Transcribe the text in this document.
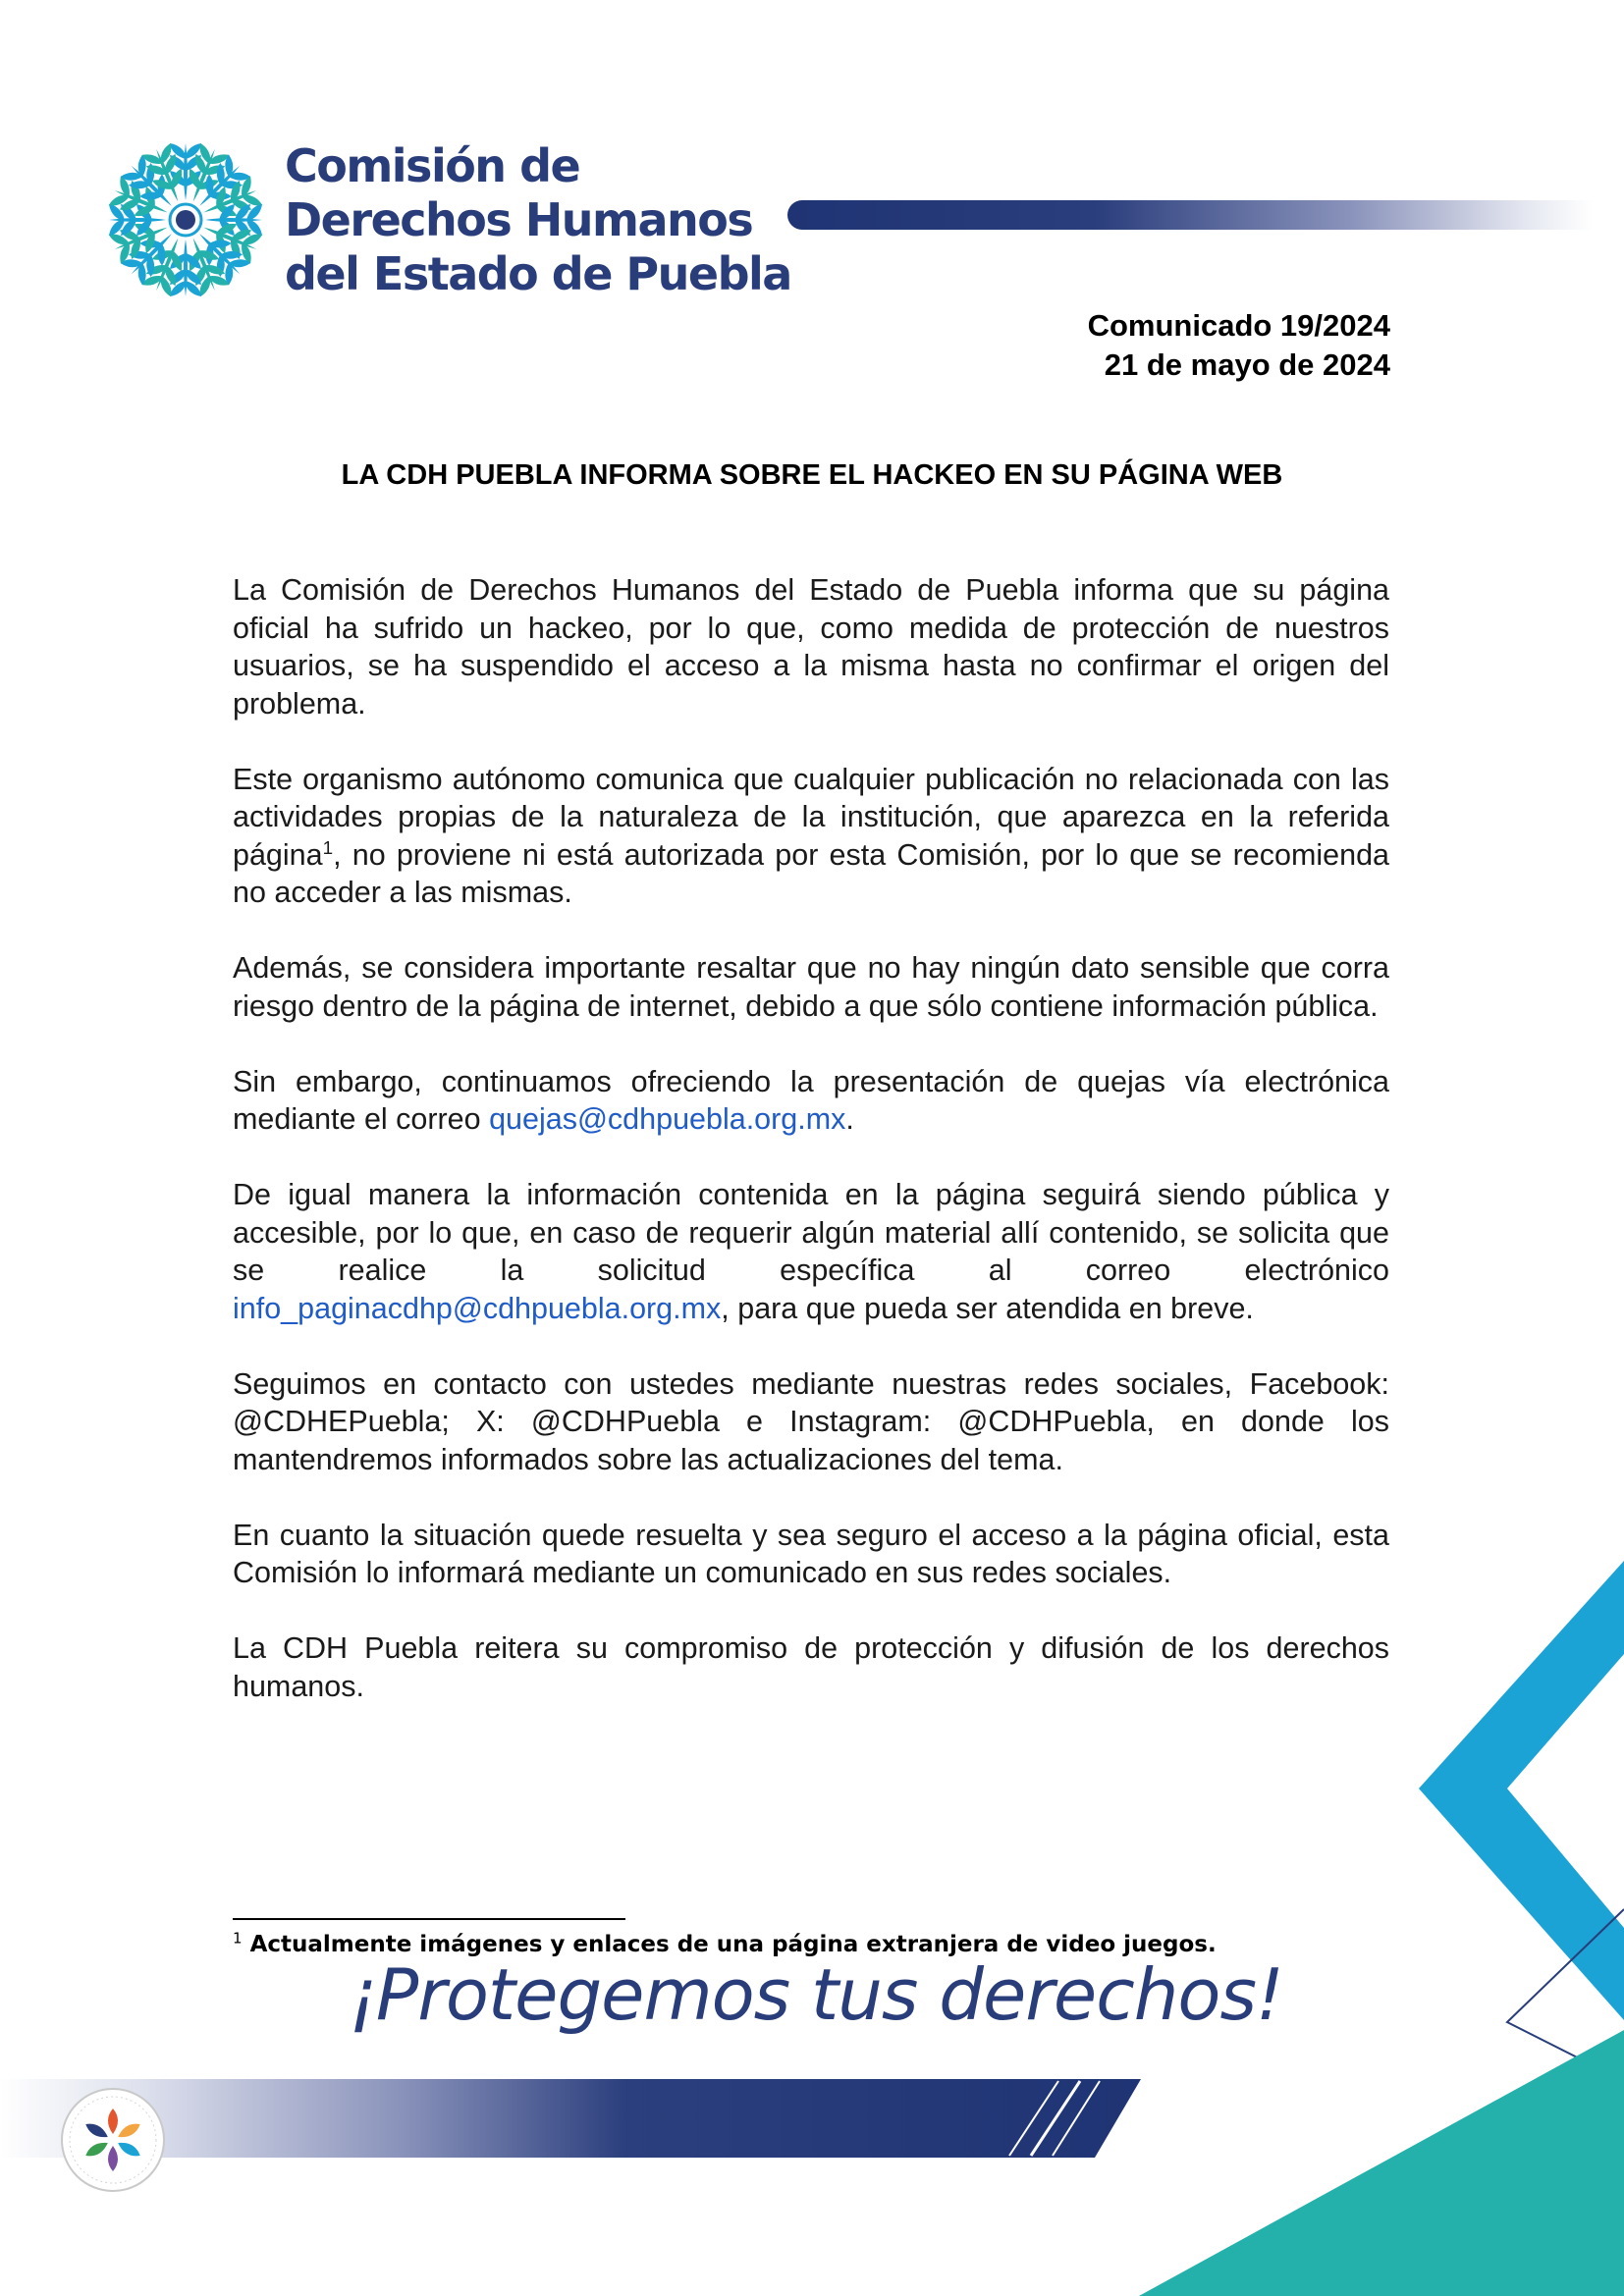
Comisión de
Derechos Humanos
del Estado de Puebla
Comunicado 19/2024
21 de mayo de 2024
LA CDH PUEBLA INFORMA SOBRE EL HACKEO EN SU PÁGINA WEB

La Comisión de Derechos Humanos del Estado de Puebla informa que su página oficial ha sufrido un hackeo, por lo que, como medida de protección de nuestros usuarios, se ha suspendido el acceso a la misma hasta no confirmar el origen del problema.

Este organismo autónomo comunica que cualquier publicación no relacionada con las actividades propias de la naturaleza de la institución, que aparezca en la referida página$^1$, no proviene ni está autorizada por esta Comisión, por lo que se recomienda no acceder a las mismas.

Además, se considera importante resaltar que no hay ningún dato sensible que corra riesgo dentro de la página de internet, debido a que sólo contiene información pública.

Sin embargo, continuamos ofreciendo la presentación de quejas vía electrónica mediante el correo quejas@cdhpuebla.org.mx.

De igual manera la información contenida en la página seguirá siendo pública y accesible, por lo que, en caso de requerir algún material allí contenido, se solicita que se realice la solicitud específica al correo electrónico
info_paginacdhp@cdhpuebla.org.mx, para que pueda ser atendida en breve.

Seguimos en contacto con ustedes mediante nuestras redes sociales, Facebook: @CDHEPuebla; X: @CDHPuebla e Instagram: @CDHPuebla, en donde los mantendremos informados sobre las actualizaciones del tema.

En cuanto la situación quede resuelta y sea seguro el acceso a la página oficial, esta Comisión lo informará mediante un comunicado en sus redes sociales.

La CDH Puebla reitera su compromiso de protección y difusión de los derechos humanos.

$^1$ Actualmente imágenes y enlaces de una página extranjera de video juegos.
¡Protegemos tus derechos!
